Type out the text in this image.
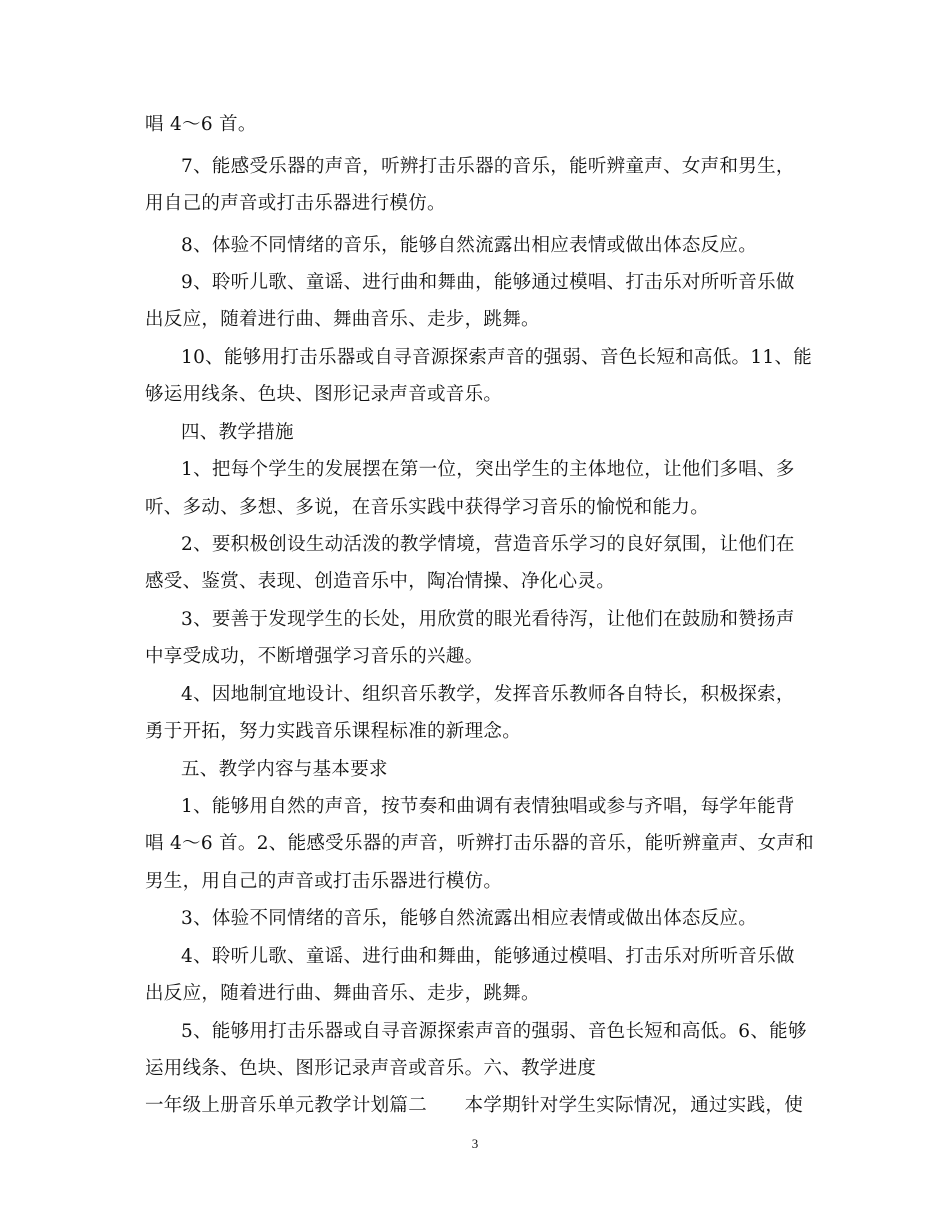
唱 4～6 首。
7、能感受乐器的声音，听辨打击乐器的音乐，能听辨童声、女声和男生，
用自己的声音或打击乐器进行模仿。
8、体验不同情绪的音乐，能够自然流露出相应表情或做出体态反应。
9、聆听儿歌、童谣、进行曲和舞曲，能够通过模唱、打击乐对所听音乐做
出反应，随着进行曲、舞曲音乐、走步，跳舞。
10、能够用打击乐器或自寻音源探索声音的强弱、音色长短和高低。11、能
够运用线条、色块、图形记录声音或音乐。
四、教学措施
1、把每个学生的发展摆在第一位，突出学生的主体地位，让他们多唱、多
听、多动、多想、多说，在音乐实践中获得学习音乐的愉悦和能力。
2、要积极创设生动活泼的教学情境，营造音乐学习的良好氛围，让他们在
感受、鉴赏、表现、创造音乐中，陶冶情操、净化心灵。
3、要善于发现学生的长处，用欣赏的眼光看待泻，让他们在鼓励和赞扬声
中享受成功，不断增强学习音乐的兴趣。
4、因地制宜地设计、组织音乐教学，发挥音乐教师各自特长，积极探索，
勇于开拓，努力实践音乐课程标准的新理念。
五、教学内容与基本要求
1、能够用自然的声音，按节奏和曲调有表情独唱或参与齐唱，每学年能背
唱 4～6 首。2、能感受乐器的声音，听辨打击乐器的音乐，能听辨童声、女声和
男生，用自己的声音或打击乐器进行模仿。
3、体验不同情绪的音乐，能够自然流露出相应表情或做出体态反应。
4、聆听儿歌、童谣、进行曲和舞曲，能够通过模唱、打击乐对所听音乐做
出反应，随着进行曲、舞曲音乐、走步，跳舞。
5、能够用打击乐器或自寻音源探索声音的强弱、音色长短和高低。6、能够
运用线条、色块、图形记录声音或音乐。六、教学进度
一年级上册音乐单元教学计划篇二　　本学期针对学生实际情况，通过实践，使
3
